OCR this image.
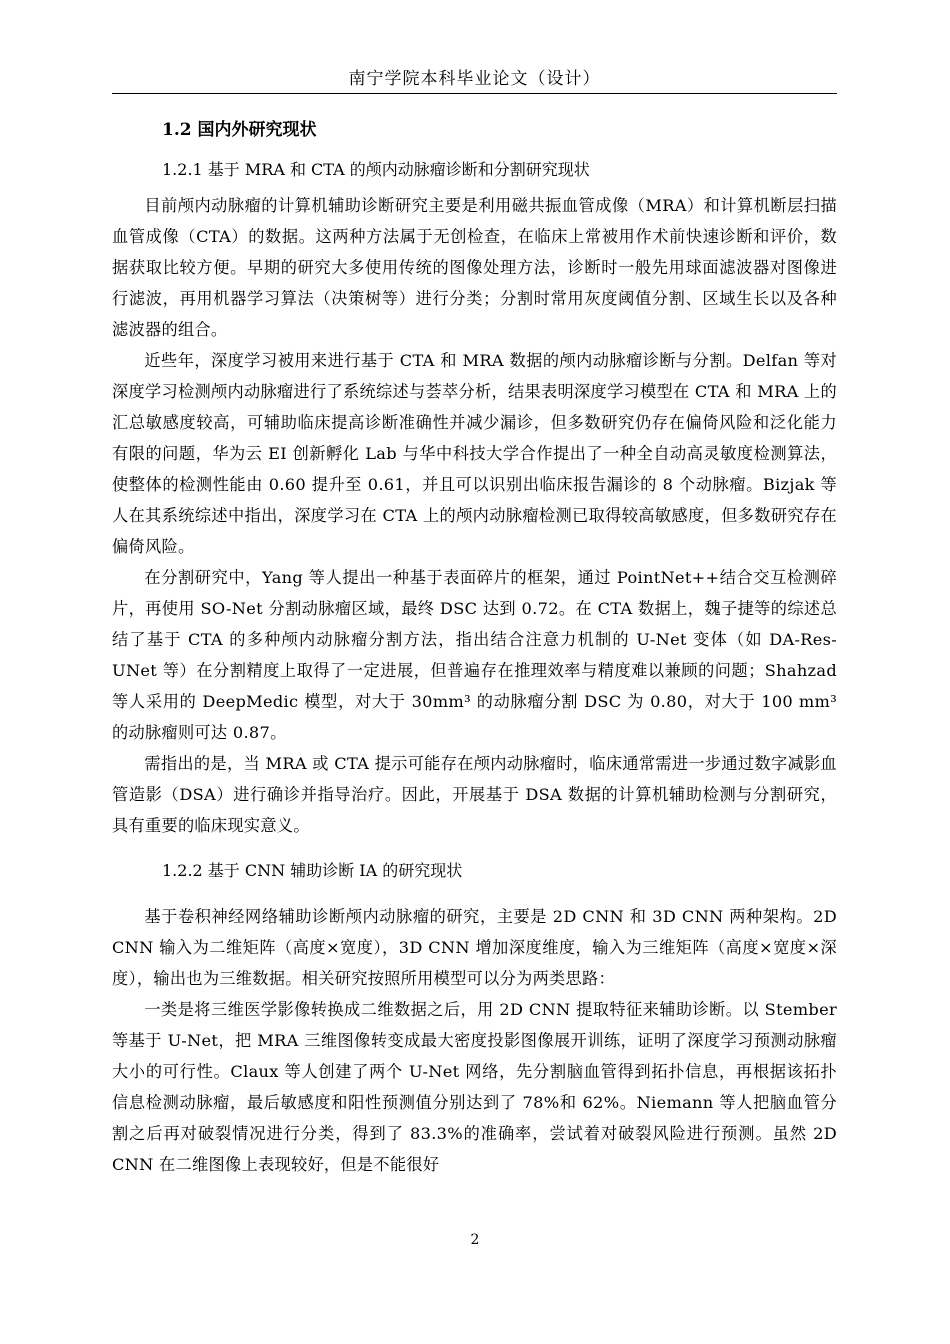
南宁学院本科毕业论文（设计）
1.2 国内外研究现状
1.2.1 基于 MRA 和 CTA 的颅内动脉瘤诊断和分割研究现状

目前颅内动脉瘤的计算机辅助诊断研究主要是利用磁共振血管成像（MRA）和计算机断层扫描血管成像（CTA）的数据。这两种方法属于无创检查，在临床上常被用作术前快速诊断和评价，数据获取比较方便。早期的研究大多使用传统的图像处理方法，诊断时一般先用球面滤波器对图像进行滤波，再用机器学习算法（决策树等）进行分类；分割时常用灰度阈值分割、区域生长以及各种滤波器的组合。

近些年，深度学习被用来进行基于 CTA 和 MRA 数据的颅内动脉瘤诊断与分割。Delfan 等对深度学习检测颅内动脉瘤进行了系统综述与荟萃分析，结果表明深度学习模型在 CTA 和 MRA 上的汇总敏感度较高，可辅助临床提高诊断准确性并减少漏诊，但多数研究仍存在偏倚风险和泛化能力有限的问题，华为云 EI 创新孵化 Lab 与华中科技大学合作提出了一种全自动高灵敏度检测算法，使整体的检测性能由 0.60 提升至 0.61，并且可以识别出临床报告漏诊的 8 个动脉瘤。Bizjak 等人在其系统综述中指出，深度学习在 CTA 上的颅内动脉瘤检测已取得较高敏感度，但多数研究存在偏倚风险。

在分割研究中，Yang 等人提出一种基于表面碎片的框架，通过 PointNet++结合交互检测碎片，再使用 SO-Net 分割动脉瘤区域，最终 DSC 达到 0.72。在 CTA 数据上，魏子捷等的综述总结了基于 CTA 的多种颅内动脉瘤分割方法，指出结合注意力机制的 U-Net 变体（如 DA-Res-UNet 等）在分割精度上取得了一定进展，但普遍存在推理效率与精度难以兼顾的问题；Shahzad 等人采用的 DeepMedic 模型，对大于 30mm³ 的动脉瘤分割 DSC 为 0.80，对大于 100 mm³ 的动脉瘤则可达 0.87。

需指出的是，当 MRA 或 CTA 提示可能存在颅内动脉瘤时，临床通常需进一步通过数字减影血管造影（DSA）进行确诊并指导治疗。因此，开展基于 DSA 数据的计算机辅助检测与分割研究，具有重要的临床现实意义。

1.2.2 基于 CNN 辅助诊断 IA 的研究现状

基于卷积神经网络辅助诊断颅内动脉瘤的研究，主要是 2D CNN 和 3D CNN 两种架构。2D CNN 输入为二维矩阵（高度×宽度），3D CNN 增加深度维度，输入为三维矩阵（高度×宽度×深度），输出也为三维数据。相关研究按照所用模型可以分为两类思路：

一类是将三维医学影像转换成二维数据之后，用 2D CNN 提取特征来辅助诊断。以 Stember 等基于 U-Net，把 MRA 三维图像转变成最大密度投影图像展开训练，证明了深度学习预测动脉瘤大小的可行性。Claux 等人创建了两个 U-Net 网络，先分割脑血管得到拓扑信息，再根据该拓扑信息检测动脉瘤，最后敏感度和阳性预测值分别达到了 78%和 62%。Niemann 等人把脑血管分割之后再对破裂情况进行分类，得到了 83.3%的准确率，尝试着对破裂风险进行预测。虽然 2D CNN 在二维图像上表现较好，但是不能很好

2
